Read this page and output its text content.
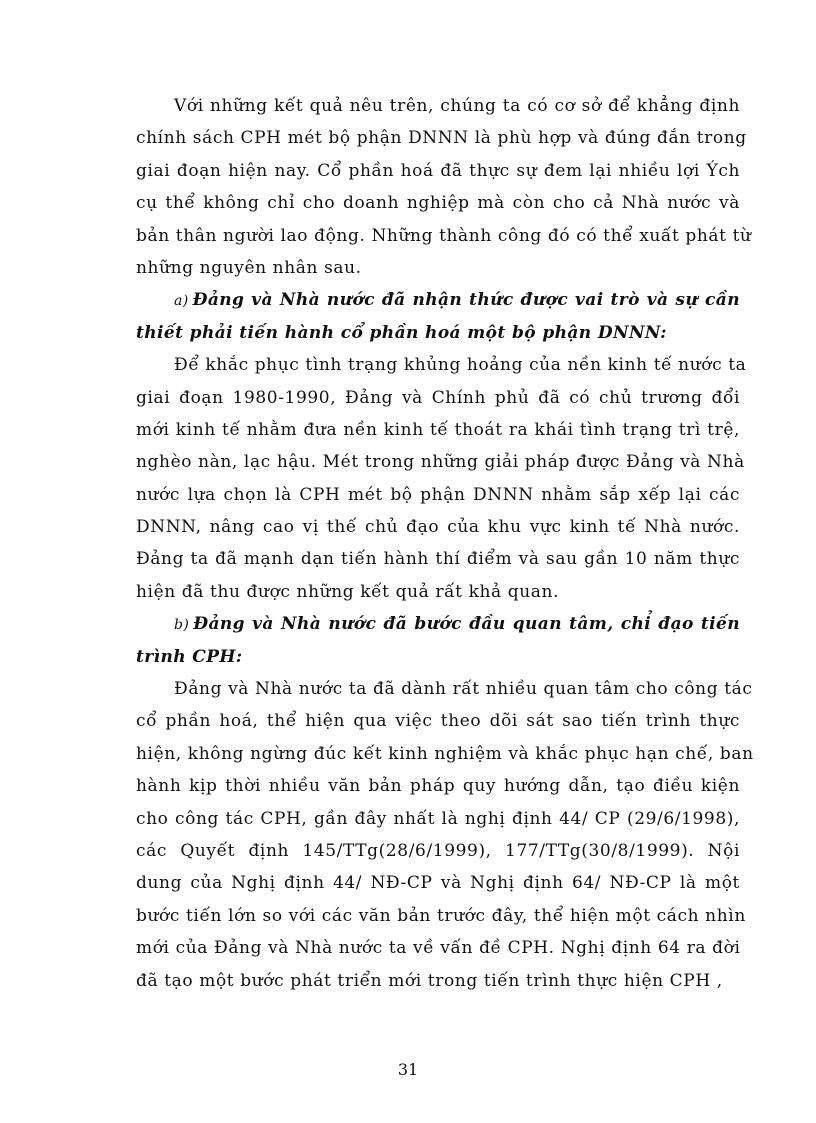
Với những kết quả nêu trên, chúng ta có cơ sở để khẳng định
chính sách CPH mét bộ phận DNNN là phù hợp và đúng đắn trong
giai đoạn hiện nay. Cổ phần hoá đã thực sự đem lại nhiều lợi Ých
cụ thể không chỉ cho doanh nghiệp mà còn cho cả Nhà nước và
bản thân người lao động. Những thành công đó có thể xuất phát từ
những nguyên nhân sau.
a) Đảng và Nhà nước đã nhận thức được vai trò và sự cần
thiết phải tiến hành cổ phần hoá một bộ phận DNNN:
Để khắc phục tình trạng khủng hoảng của nền kinh tế nước ta
giai đoạn 1980-1990, Đảng và Chính phủ đã có chủ trương đổi
mới kinh tế nhằm đưa nền kinh tế thoát ra khái tình trạng trì trệ,
nghèo nàn, lạc hậu. Mét trong những giải pháp được Đảng và Nhà
nước lựa chọn là CPH mét bộ phận DNNN nhằm sắp xếp lại các
DNNN, nâng cao vị thế chủ đạo của khu vực kinh tế Nhà nước.
Đảng ta đã mạnh dạn tiến hành thí điểm và sau gần 10 năm thực
hiện đã thu được những kết quả rất khả quan.
b) Đảng và Nhà nước đã bước đầu quan tâm, chỉ đạo tiến
trình CPH:
Đảng và Nhà nước ta đã dành rất nhiều quan tâm cho công tác
cổ phần hoá, thể hiện qua việc theo dõi sát sao tiến trình thực
hiện, không ngừng đúc kết kinh nghiệm và khắc phục hạn chế, ban
hành kịp thời nhiều văn bản pháp quy hướng dẫn, tạo điều kiện
cho công tác CPH, gần đây nhất là nghị định 44/ CP (29/6/1998),
các Quyết định 145/TTg(28/6/1999), 177/TTg(30/8/1999). Nội
dung của Nghị định 44/ NĐ-CP và Nghị định 64/ NĐ-CP là một
bước tiến lớn so với các văn bản trước đây, thể hiện một cách nhìn
mới của Đảng và Nhà nước ta về vấn đề CPH. Nghị định 64 ra đời
đã tạo một bước phát triển mới trong tiến trình thực hiện CPH ,
31
